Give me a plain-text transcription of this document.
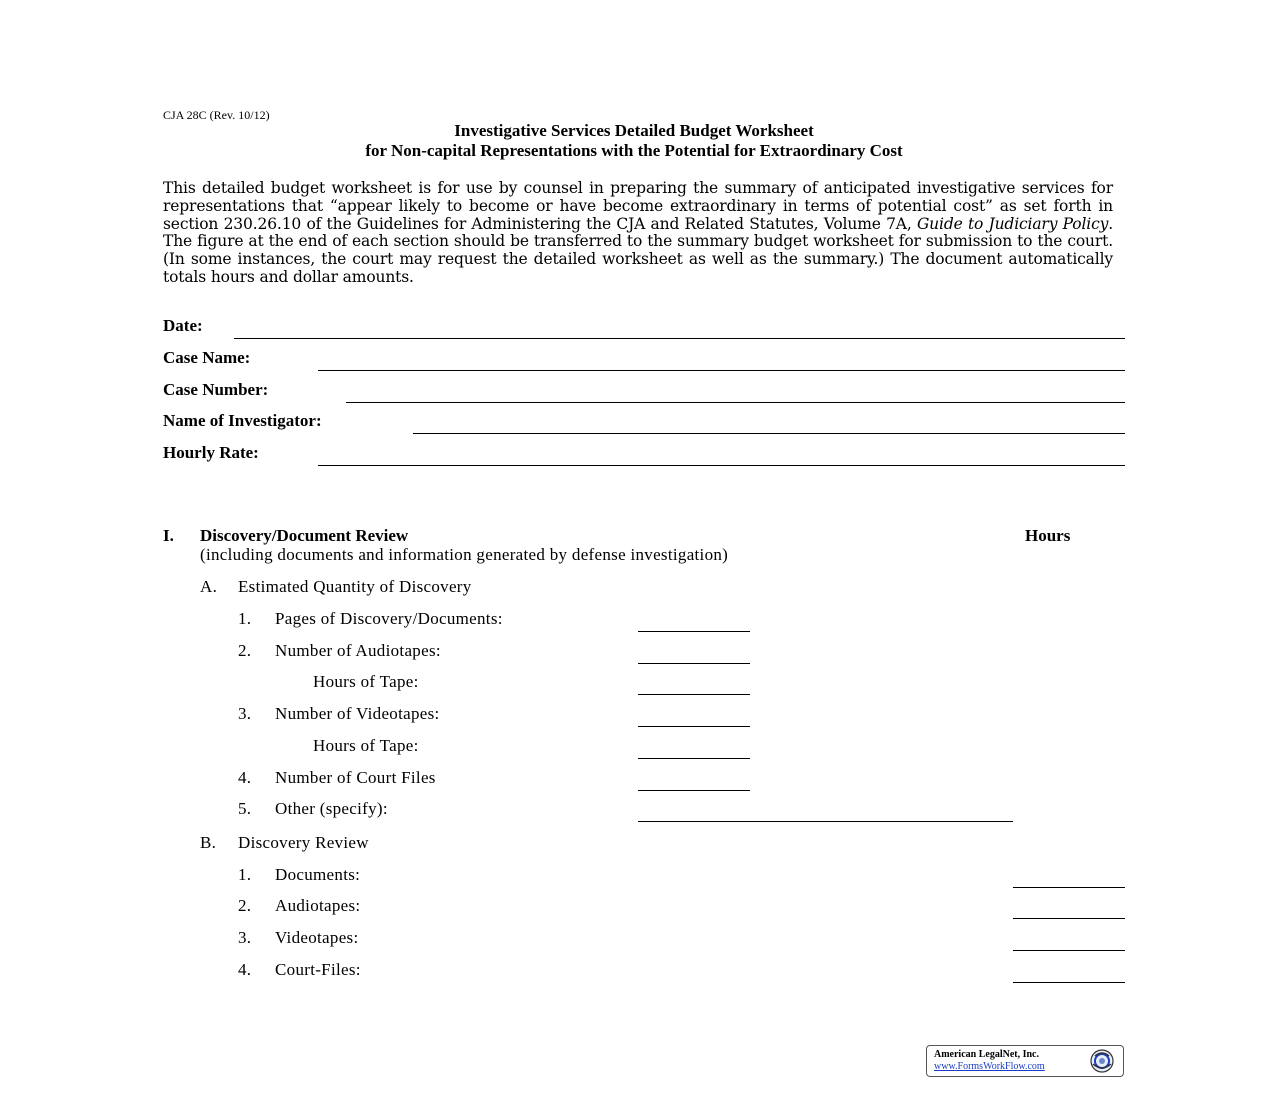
CJA 28C (Rev. 10/12)
Investigative Services Detailed Budget Worksheet
for Non-capital Representations with the Potential for Extraordinary Cost
This detailed budget worksheet is for use by counsel in preparing the summary of anticipated investigative services for representations that “appear likely to become or have become extraordinary in terms of potential cost” as set forth in section 230.26.10 of the Guidelines for Administering the CJA and Related Statutes, Volume 7A, Guide to Judiciary Policy. The figure at the end of each section should be transferred to the summary budget worksheet for submission to the court. (In some instances, the court may request the detailed worksheet as well as the summary.) The document automatically totals hours and dollar amounts.
Date:
Case Name:
Case Number:
Name of Investigator:
Hourly Rate:
I. Discovery/Document Review	Hours
(including documents and information generated by defense investigation)
A. Estimated Quantity of Discovery
1. Pages of Discovery/Documents:
2. Number of Audiotapes:
Hours of Tape:
3. Number of Videotapes:
Hours of Tape:
4. Number of Court Files
5. Other (specify):
B. Discovery Review
1. Documents:
2. Audiotapes:
3. Videotapes:
4. Court-Files:
American LegalNet, Inc.
www.FormsWorkFlow.com
